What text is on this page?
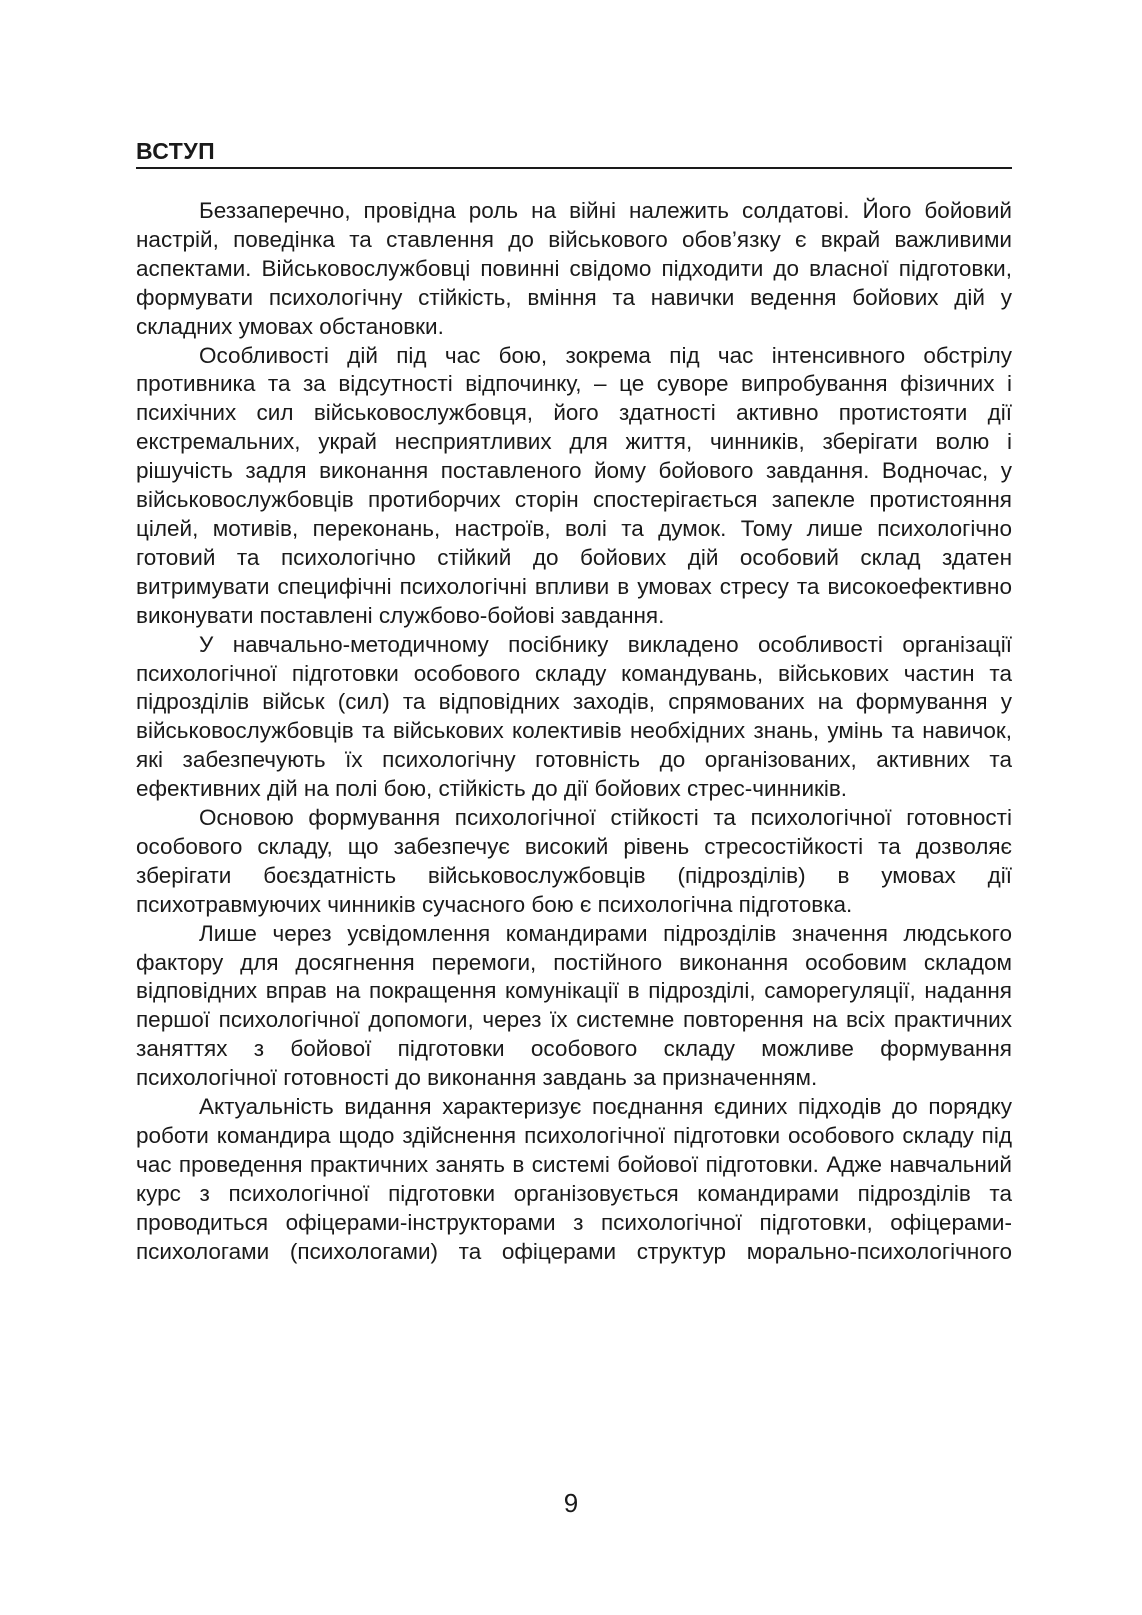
ВСТУП

Беззаперечно, провідна роль на війні належить солдатові. Його бойовий настрій, поведінка та ставлення до військового обов’язку є вкрай важливими аспектами. Військовослужбовці повинні свідомо підходити до власної підготовки, формувати психологічну стійкість, вміння та навички ведення бойових дій у складних умовах обстановки.

Особливості дій під час бою, зокрема під час інтенсивного обстрілу противника та за відсутності відпочинку, – це суворе випробування фізичних і психічних сил військовослужбовця, його здатності активно протистояти дії екстремальних, украй несприятливих для життя, чинників, зберігати волю і рішучість задля виконання поставленого йому бойового завдання. Водночас, у військовослужбовців протиборчих сторін спостерігається запекле протистояння цілей, мотивів, переконань, настроїв, волі та думок. Тому лише психологічно готовий та психологічно стійкий до бойових дій особовий склад здатен витримувати специфічні психологічні впливи в умовах стресу та високоефективно виконувати поставлені службово-бойові завдання.

У навчально-методичному посібнику викладено особливості організації психологічної підготовки особового складу командувань, військових частин та підрозділів військ (сил) та відповідних заходів, спрямованих на формування у військовослужбовців та військових колективів необхідних знань, умінь та навичок, які забезпечують їх психологічну готовність до організованих, активних та ефективних дій на полі бою, стійкість до дії бойових стрес-чинників.

Основою формування психологічної стійкості та психологічної готовності особового складу, що забезпечує високий рівень стресостійкості та дозволяє зберігати боєздатність військовослужбовців (підрозділів) в умовах дії психотравмуючих чинників сучасного бою є психологічна підготовка.

Лише через усвідомлення командирами підрозділів значення людського фактору для досягнення перемоги, постійного виконання особовим складом відповідних вправ на покращення комунікації в підрозділі, саморегуляції, надання першої психологічної допомоги, через їх системне повторення на всіх практичних заняттях з бойової підготовки особового складу можливе формування психологічної готовності до виконання завдань за призначенням.

Актуальність видання характеризує поєднання єдиних підходів до порядку роботи командира щодо здійснення психологічної підготовки особового складу під час проведення практичних занять в системі бойової підготовки. Адже навчальний курс з психологічної підготовки організовується командирами підрозділів та проводиться офіцерами-інструкторами з психологічної підготовки, офіцерами-психологами (психологами) та офіцерами структур морально-психологічного

9
